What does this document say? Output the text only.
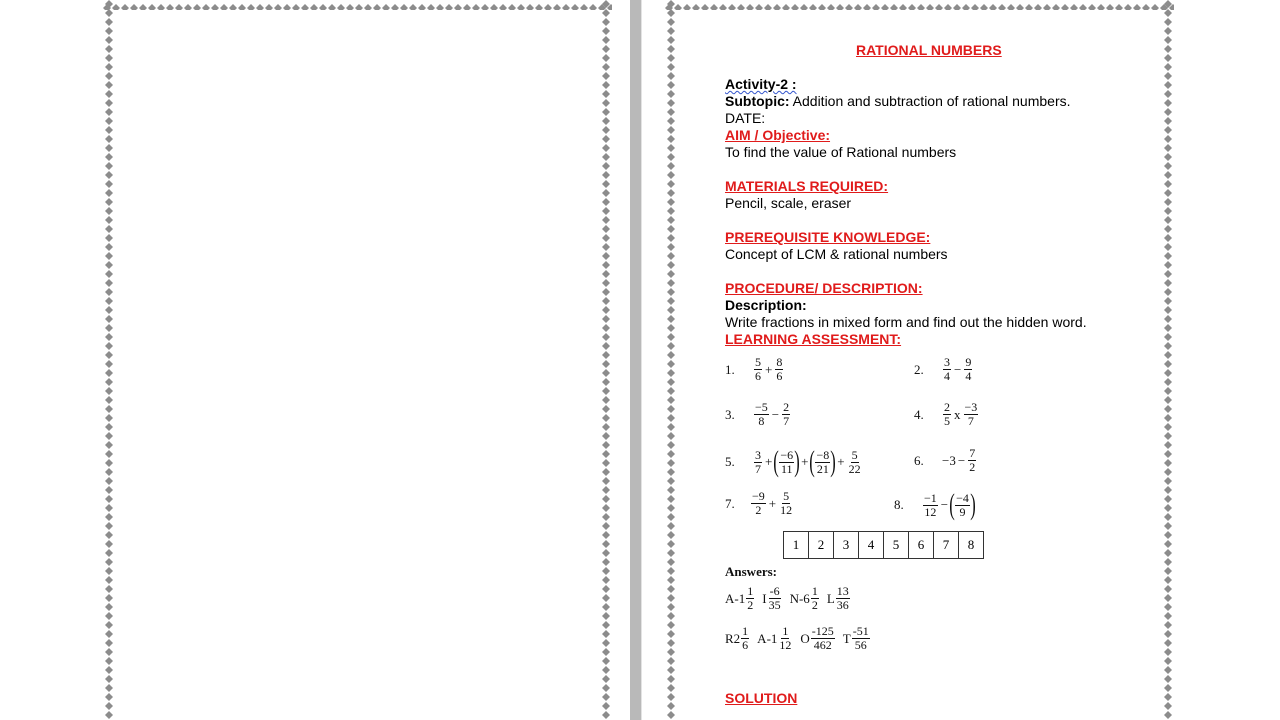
RATIONAL NUMBERS
Activity-2 :
Subtopic: Addition and subtraction of rational numbers.
DATE:
AIM / Objective:
To find the value of Rational numbers
MATERIALS REQUIRED:
Pencil, scale, eraser
PREREQUISITE KNOWLEDGE:
Concept of LCM & rational numbers
PROCEDURE/ DESCRIPTION:
Description:
Write fractions in mixed form and find out the hidden word.
LEARNING ASSESSMENT:
1.	$\frac{5}{6} + \frac{8}{6}$	2.	$\frac{3}{4} - \frac{9}{4}$
3.	$\frac{-5}{8} - \frac{2}{7}$	4.	$\frac{2}{5}$ x $\frac{-3}{7}$
5.	$\frac{3}{7}$ + ( $\frac{-6}{11}$ ) + ( $\frac{-8}{21}$ ) + $\frac{5}{22}$	6.	$-3 - \frac{7}{2}$
7.	$\frac{-9}{2} + \frac{5}{12}$	8.	$\frac{-1}{12}$ − ( $\frac{-4}{9}$ )
1	2	3	4	5	6	7	8
Answers:
A $-1 \frac{1}{2}$ I $\frac{-6}{35}$ N $-6 \frac{1}{2}$ L $\frac{13}{36}$
R $2 \frac{1}{6}$ A $-1 \frac{1}{12}$ O $\frac{-125}{462}$ T $\frac{-51}{56}$
SOLUTION
